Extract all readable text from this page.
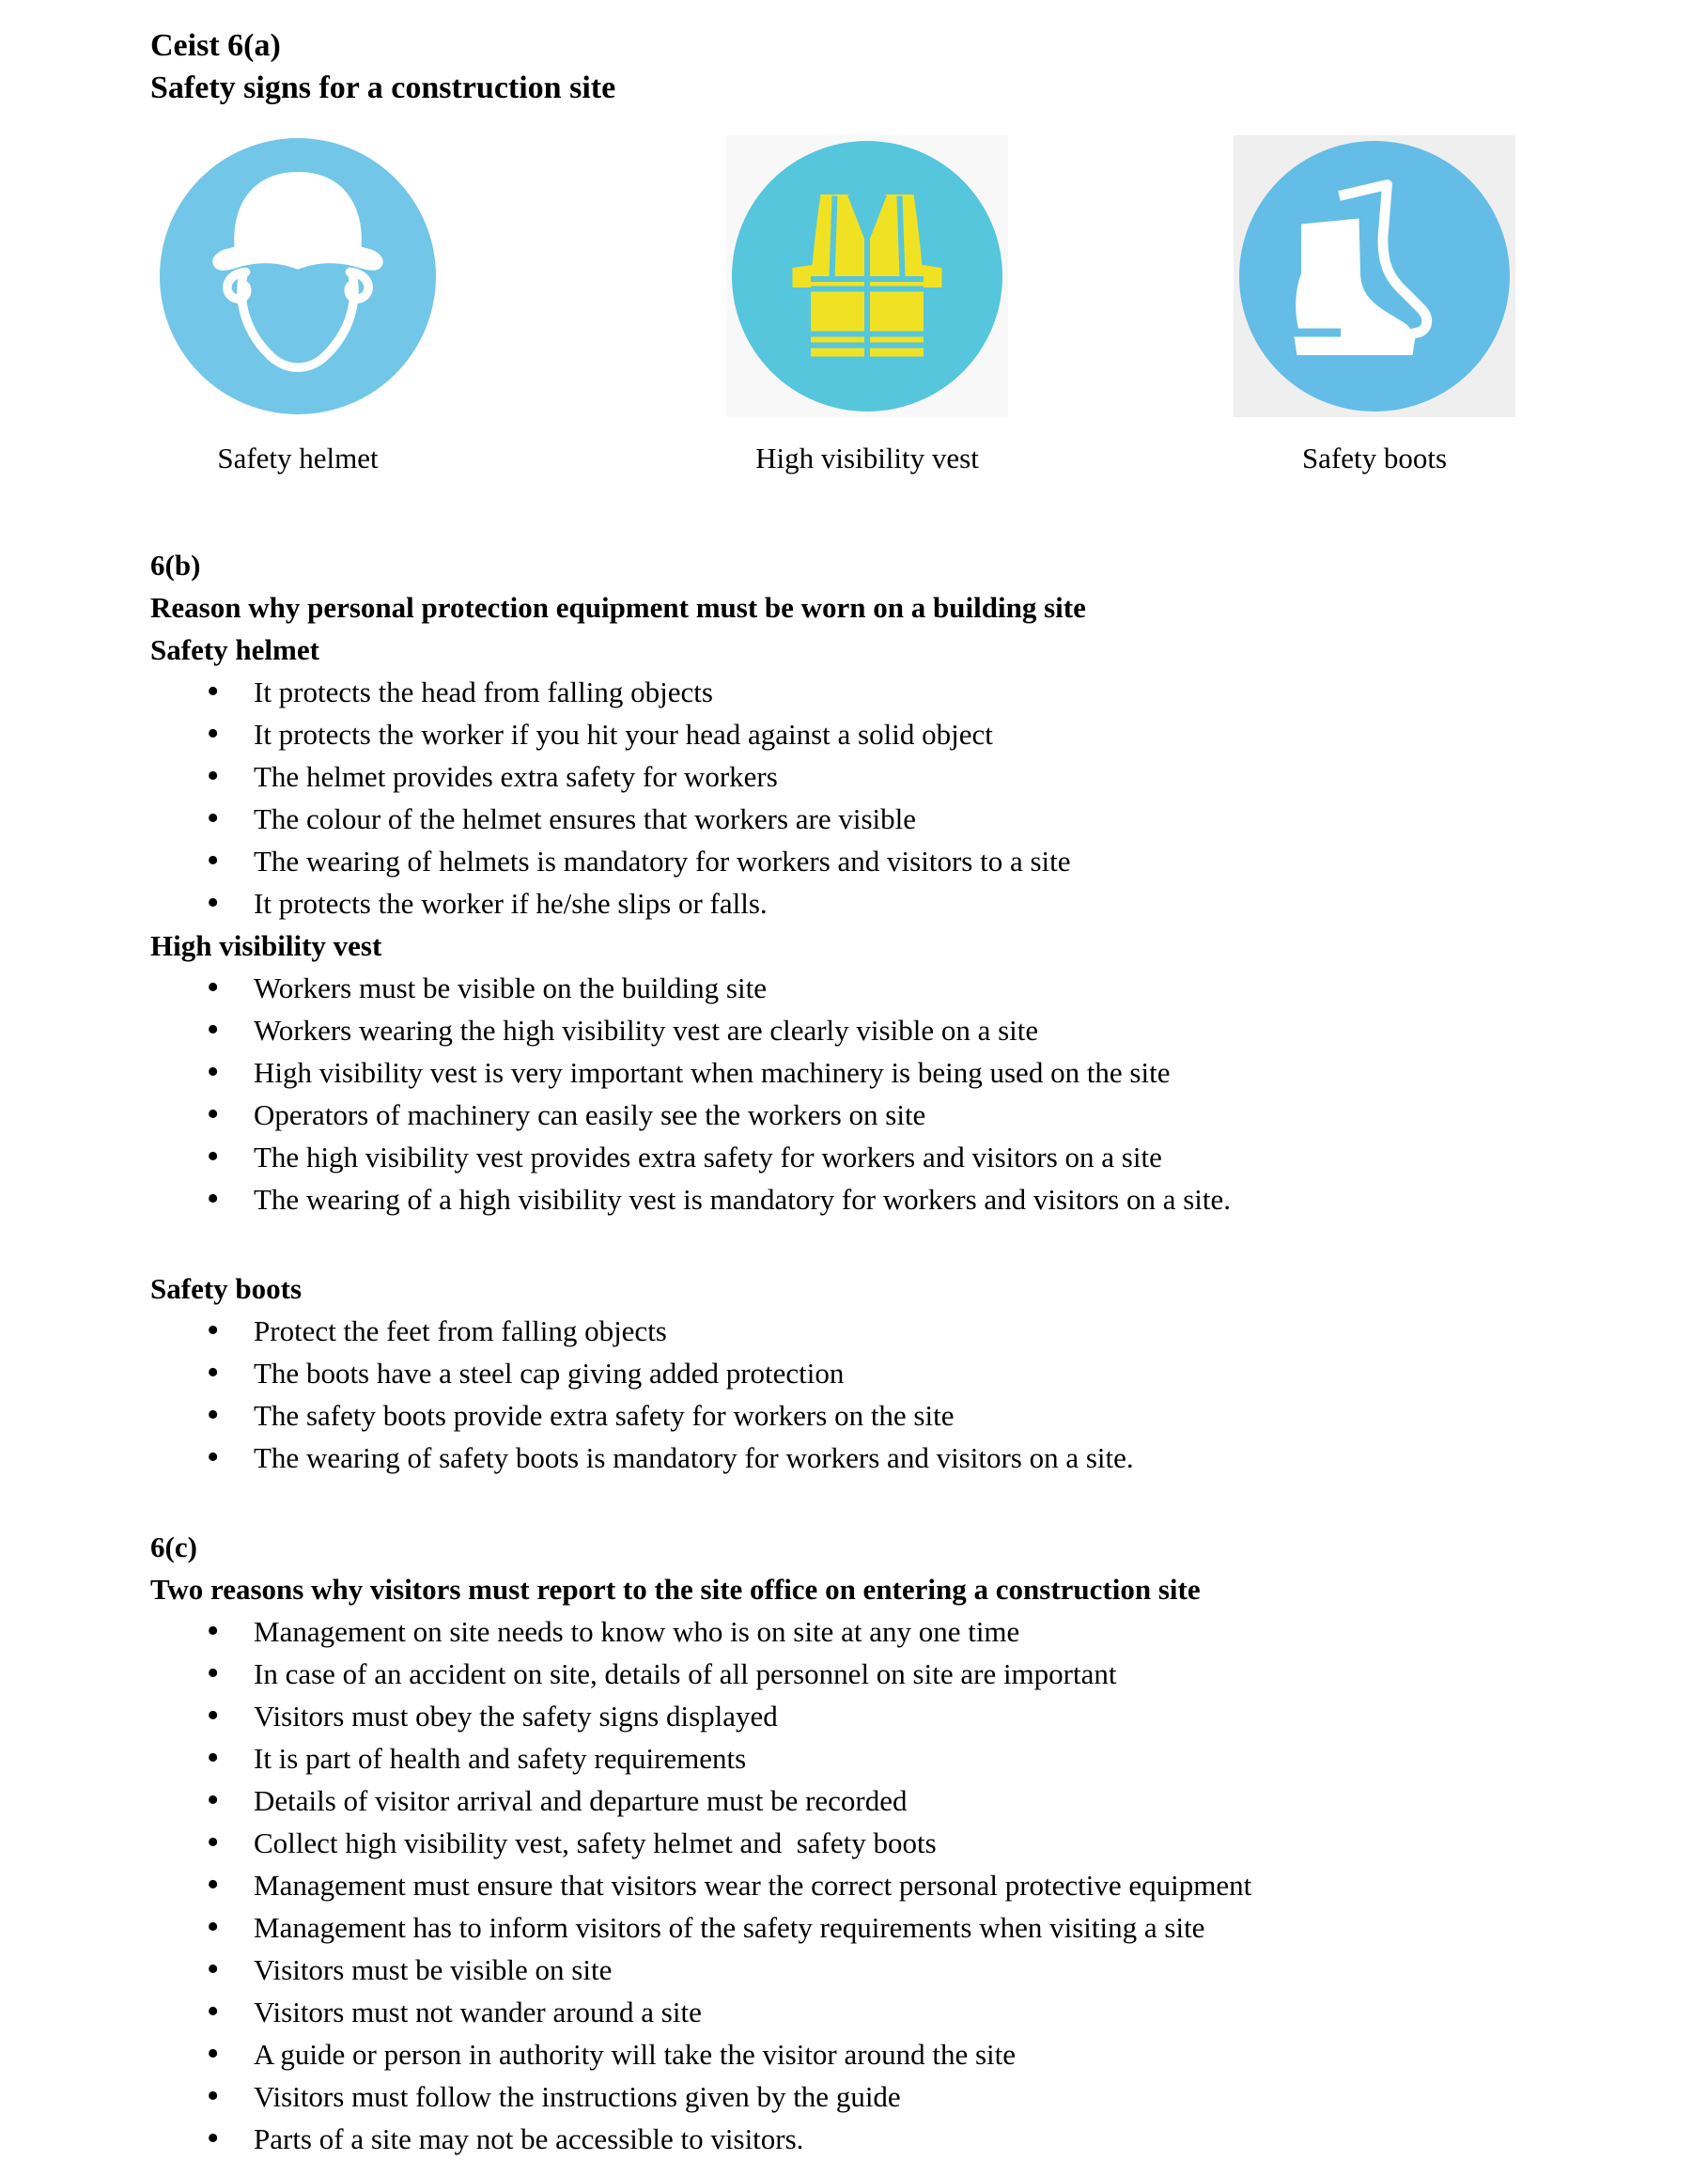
Ceist 6(a)
Safety signs for a construction site
Safety helmet	High visibility vest	Safety boots
6(b)
Reason why personal protection equipment must be worn on a building site
Safety helmet
• It protects the head from falling objects
• It protects the worker if you hit your head against a solid object
• The helmet provides extra safety for workers
• The colour of the helmet ensures that workers are visible
• The wearing of helmets is mandatory for workers and visitors to a site
• It protects the worker if he/she slips or falls.
High visibility vest
• Workers must be visible on the building site
• Workers wearing the high visibility vest are clearly visible on a site
• High visibility vest is very important when machinery is being used on the site
• Operators of machinery can easily see the workers on site
• The high visibility vest provides extra safety for workers and visitors on a site
• The wearing of a high visibility vest is mandatory for workers and visitors on a site.
Safety boots
• Protect the feet from falling objects
• The boots have a steel cap giving added protection
• The safety boots provide extra safety for workers on the site
• The wearing of safety boots is mandatory for workers and visitors on a site.
6(c)
Two reasons why visitors must report to the site office on entering a construction site
• Management on site needs to know who is on site at any one time
• In case of an accident on site, details of all personnel on site are important
• Visitors must obey the safety signs displayed
• It is part of health and safety requirements
• Details of visitor arrival and departure must be recorded
• Collect high visibility vest, safety helmet and  safety boots
• Management must ensure that visitors wear the correct personal protective equipment
• Management has to inform visitors of the safety requirements when visiting a site
• Visitors must be visible on site
• Visitors must not wander around a site
• A guide or person in authority will take the visitor around the site
• Visitors must follow the instructions given by the guide
• Parts of a site may not be accessible to visitors.
